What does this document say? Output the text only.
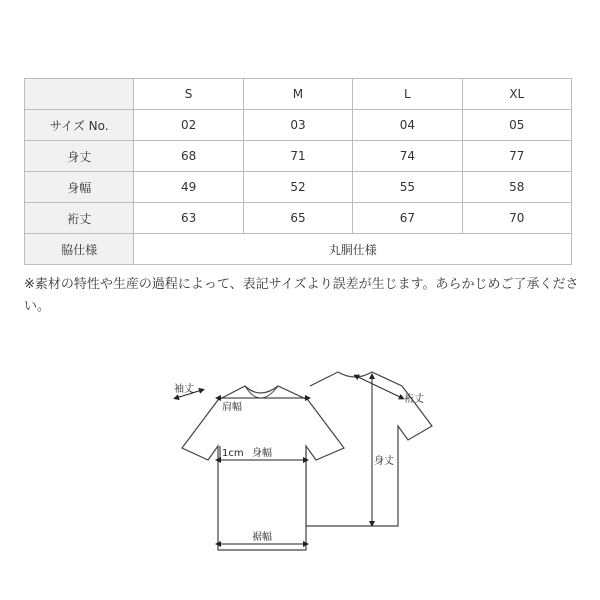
	S	M	L	XL
サイズ No.	02	03	04	05
身丈	68	71	74	77
身幅	49	52	55	58
裄丈	63	65	67	70
脇仕様	丸胴仕様			
※素材の特性や生産の過程によって、表記サイズより誤差が生じます。あらかじめご了承ください。
袖丈
肩幅
1cm 身幅
裾幅
身丈
裄丈
